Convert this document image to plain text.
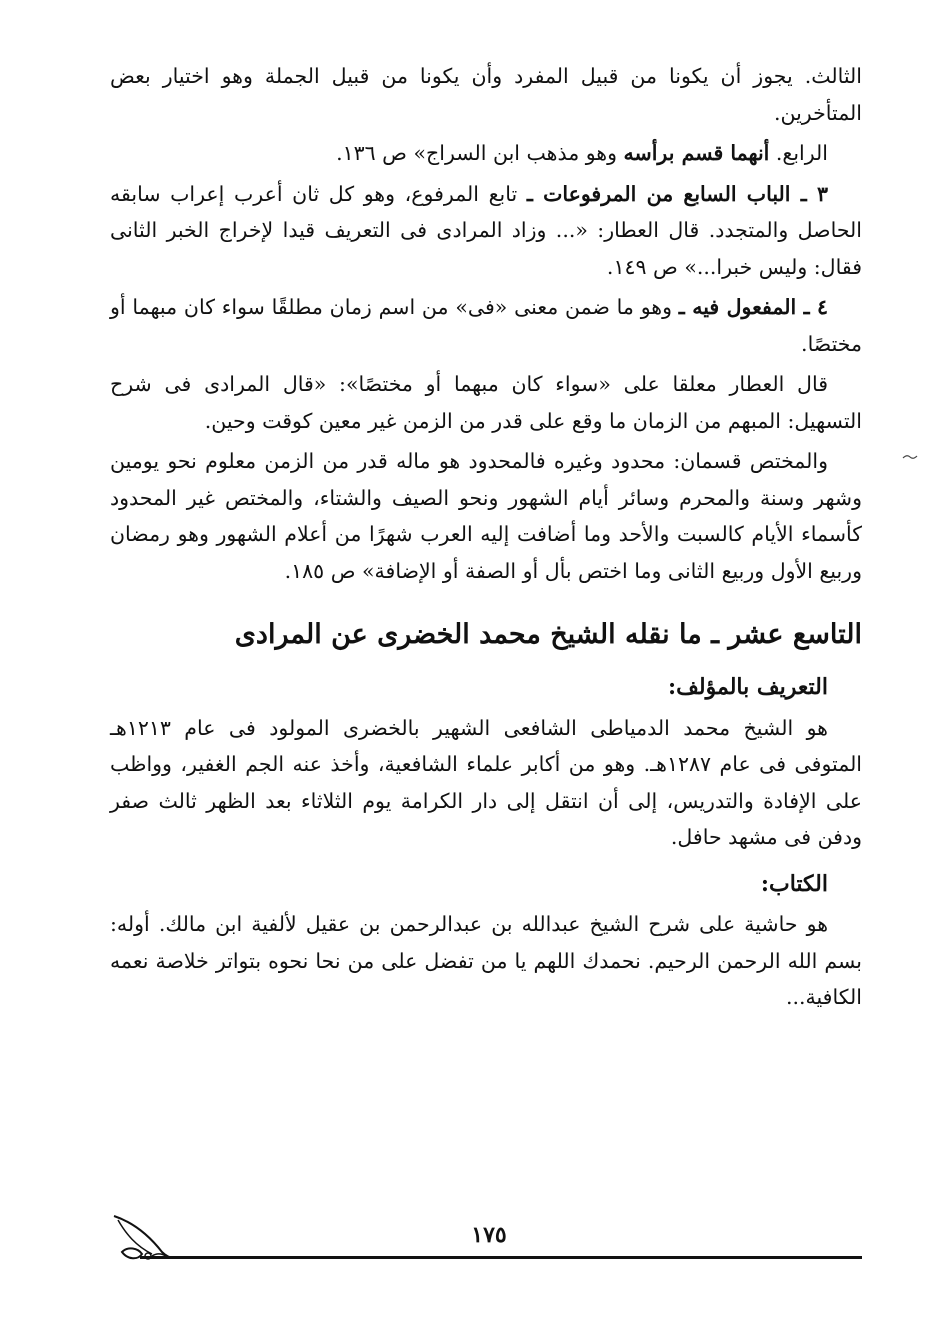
الثالث. يجوز أن يكونا من قبيل المفرد وأن يكونا من قبيل الجملة وهو اختيار بعض المتأخرين.

الرابع. أنهما قسم برأسه وهو مذهب ابن السراج» ص ١٣٦.

٣ ـ الباب السابع من المرفوعات ـ تابع المرفوع، وهو كل ثان أعرب إعراب سابقه الحاصل والمتجدد. قال العطار: «... وزاد المرادى فى التعريف قيدا لإخراج الخبر الثانى فقال: وليس خبرا...» ص ١٤٩.

٤ ـ المفعول فيه ـ وهو ما ضمن معنى «فى» من اسم زمان مطلقًا سواء كان مبهما أو مختصًا.

قال العطار معلقا على «سواء كان مبهما أو مختصًا»: «قال المرادى فى شرح التسهيل: المبهم من الزمان ما وقع على قدر من الزمن غير معين كوقت وحين.

والمختص قسمان: محدود وغيره فالمحدود هو ماله قدر من الزمن معلوم نحو يومين وشهر وسنة والمحرم وسائر أيام الشهور ونحو الصيف والشتاء، والمختص غير المحدود كأسماء الأيام كالسبت والأحد وما أضافت إليه العرب شهرًا من أعلام الشهور وهو رمضان وربيع الأول وربيع الثانى وما اختص بأل أو الصفة أو الإضافة» ص ١٨٥.

التاسع عشر ـ ما نقله الشيخ محمد الخضرى عن المرادى

التعريف بالمؤلف:

هو الشيخ محمد الدمياطى الشافعى الشهير بالخضرى المولود فى عام ١٢١٣هـ المتوفى فى عام ١٢٨٧هـ. وهو من أكابر علماء الشافعية، وأخذ عنه الجم الغفير، وواظب على الإفادة والتدريس، إلى أن انتقل إلى دار الكرامة يوم الثلاثاء بعد الظهر ثالث صفر ودفن فى مشهد حافل.

الكتاب:

هو حاشية على شرح الشيخ عبدالله بن عبدالرحمن بن عقيل لألفية ابن مالك. أوله: بسم الله الرحمن الرحيم. نحمدك اللهم يا من تفضل على من نحا نحوه بتواتر خلاصة نعمه الكافية...

١٧٥
